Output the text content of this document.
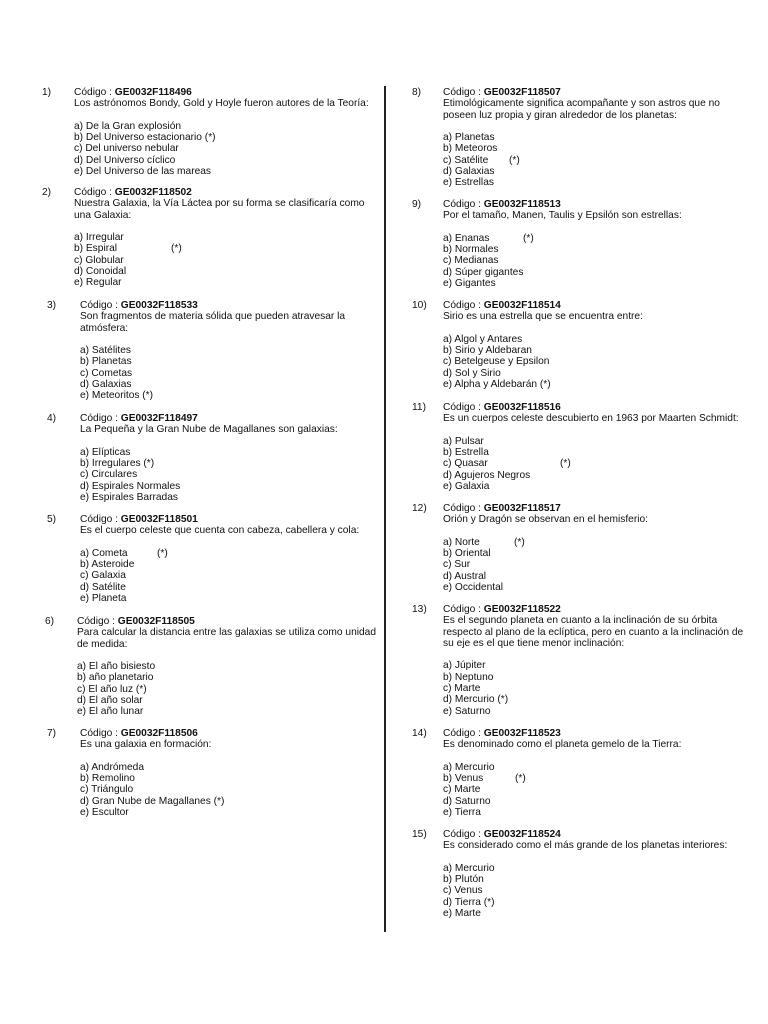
1) Código : GE0032F118496
Los astrónomos Bondy, Gold y Hoyle fueron autores de la Teoría:
a) De la Gran explosión
b) Del Universo estacionario (*)
c) Del universo nebular
d) Del Universo cíclico
e) Del Universo de las mareas
2) Código : GE0032F118502
Nuestra Galaxia, la Vía Láctea por su forma se clasificaría como
una Galaxia:
a) Irregular
b) Espiral	(*)
c) Globular
d) Conoidal
e) Regular
3) Código : GE0032F118533
Son fragmentos de materia sólida que pueden atravesar la
atmósfera:
a) Satélites
b) Planetas
c) Cometas
d) Galaxias
e) Meteoritos (*)
4) Código : GE0032F118497
La Pequeña y la Gran Nube de Magallanes son galaxias:
a) Elípticas
b) Irregulares (*)
c) Circulares
d) Espirales Normales
e) Espirales Barradas
5) Código : GE0032F118501
Es el cuerpo celeste que cuenta con cabeza, cabellera y cola:
a) Cometa	(*)
b) Asteroide
c) Galaxia
d) Satélite
e) Planeta
6) Código : GE0032F118505
Para calcular la distancia entre las galaxias se utiliza como unidad
de medida:
a) El año bisiesto
b) año planetario
c) El año luz (*)
d) El año solar
e) El año lunar
7) Código : GE0032F118506
Es una galaxia en formación:
a) Andrómeda
b) Remolino
c) Triángulo
d) Gran Nube de Magallanes (*)
e) Escultor
8) Código : GE0032F118507
Etimológicamente significa acompañante y son astros que no
poseen luz propia y giran alrededor de los planetas:
a) Planetas
b) Meteoros
c) Satélite (*)
d) Galaxias
e) Estrellas
9) Código : GE0032F118513
Por el tamaño, Manen, Taulis y Epsilón son estrellas:
a) Enanas	(*)
b) Normales
c) Medianas
d) Súper gigantes
e) Gigantes
10) Código : GE0032F118514
Sirio es una estrella que se encuentra entre:
a) Algol y Antares
b) Sirio y Aldebaran
c) Betelgeuse y Epsilon
d) Sol y Sirio
e) Alpha y Aldebarán (*)
11) Código : GE0032F118516
Es un cuerpos celeste descubierto en 1963 por Maarten Schmidt:
a) Pulsar
b) Estrella
c) Quasar	(*)
d) Agujeros Negros
e) Galaxia
12) Código : GE0032F118517
Orión y Dragón se observan en el hemisferio:
a) Norte	(*)
b) Oriental
c) Sur
d) Austral
e) Occidental
13) Código : GE0032F118522
Es el segundo planeta en cuanto a la inclinación de su órbita
respecto al plano de la eclíptica, pero en cuanto a la inclinación de
su eje es el que tiene menor inclinación:
a) Júpiter
b) Neptuno
c) Marte
d) Mercurio (*)
e) Saturno
14) Código : GE0032F118523
Es denominado como el planeta gemelo de la Tierra:
a) Mercurio
b) Venus	(*)
c) Marte
d) Saturno
e) Tierra
15) Código : GE0032F118524
Es considerado como el más grande de los planetas interiores:
a) Mercurio
b) Plutón
c) Venus
d) Tierra (*)
e) Marte
